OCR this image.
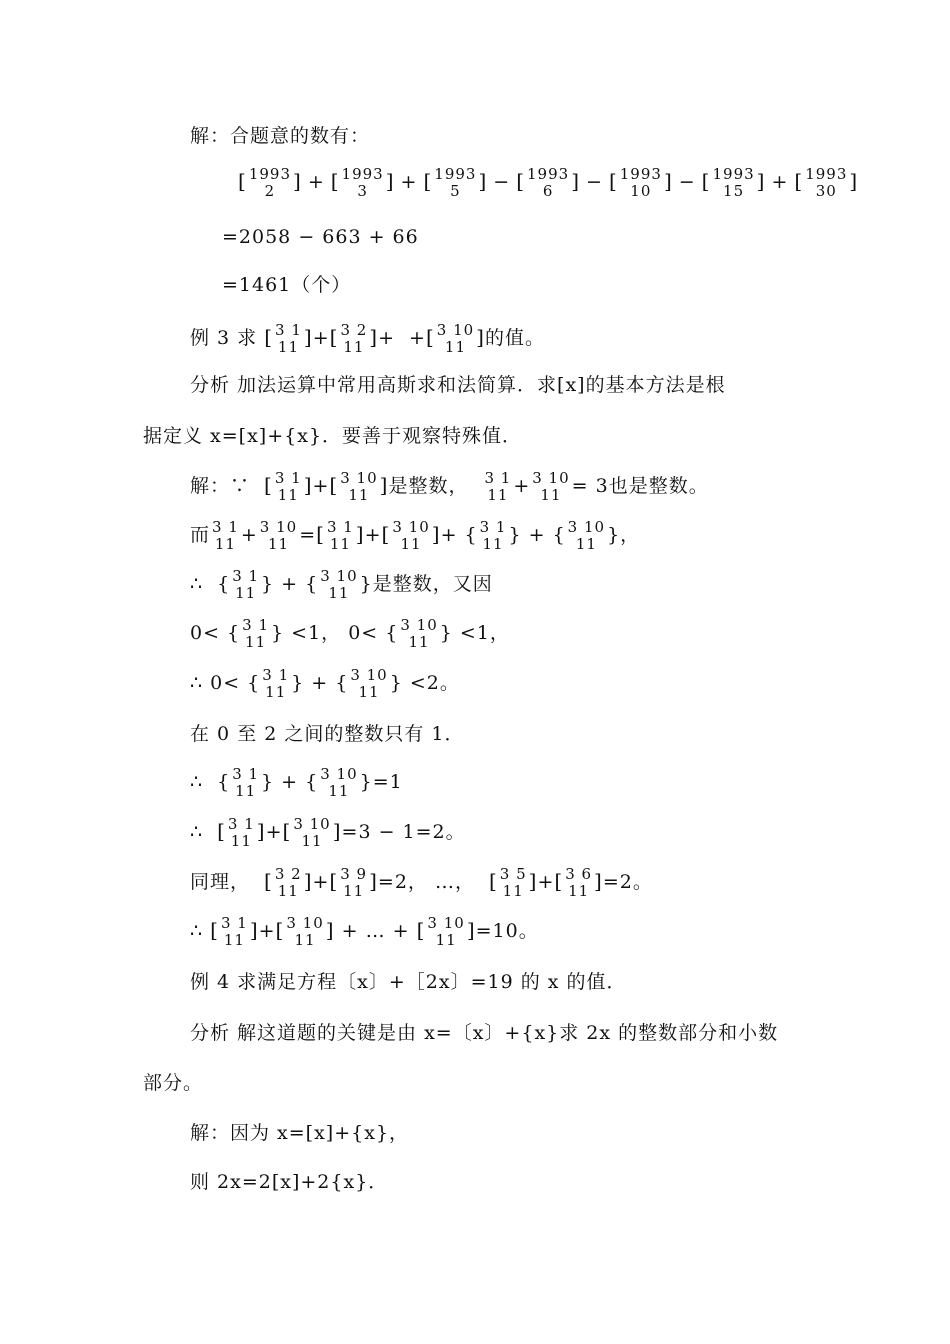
解：合题意的数有：
[ 1993
2 ] + [ 1993
3 ] + [ 1993
5 ] − [ 1993
6 ] − [ 1993
10 ] − [ 1993
15 ] + [ 1993
30 ]
=2058 − 663 + 66
=1461（个）
例 3 求 [ 3 1
11 ]+[ 3 2
11 ]+ +[ 3 10
11 ]的值。
分析 加法运算中常用高斯求和法简算．求[x]的基本方法是根
据定义 x=[x]+{x}．要善于观察特殊值．
解：∵ [ 3 1
11 ]+[ 3 10
11 ]是整数， 3 1
11 + 3 10
11 = 3也是整数。
而 3 1
11 + 3 10
11 =[ 3 1
11 ]+[ 3 10
11 ]+ { 3 1
11 } + { 3 10
11 }，
∴ { 3 1
11 } + { 3 10
11 }是整数，又因
0< { 3 1
11 } <1， 0< { 3 10
11 } <1，
∴ 0< { 3 1
11 } + { 3 10
11 } <2。
在 0 至 2 之间的整数只有 1．
∴ { 3 1
11 } + { 3 10
11 }=1
∴ [ 3 1
11 ]+[ 3 10
11 ]=3 − 1=2。
同理， [ 3 2
11 ]+[ 3 9
11 ]=2， …， [ 3 5
11 ]+[ 3 6
11 ]=2。
∴ [ 3 1
11 ]+[ 3 10
11 ] + … + [ 3 10
11 ]=10。
例 4 求满足方程〔x〕+［2x〕=19 的 x 的值．
分析 解这道题的关键是由 x=〔x〕+{x}求 2x 的整数部分和小数
部分。
解：因为 x=[x]+{x}，
则 2x=2[x]+2{x}．
